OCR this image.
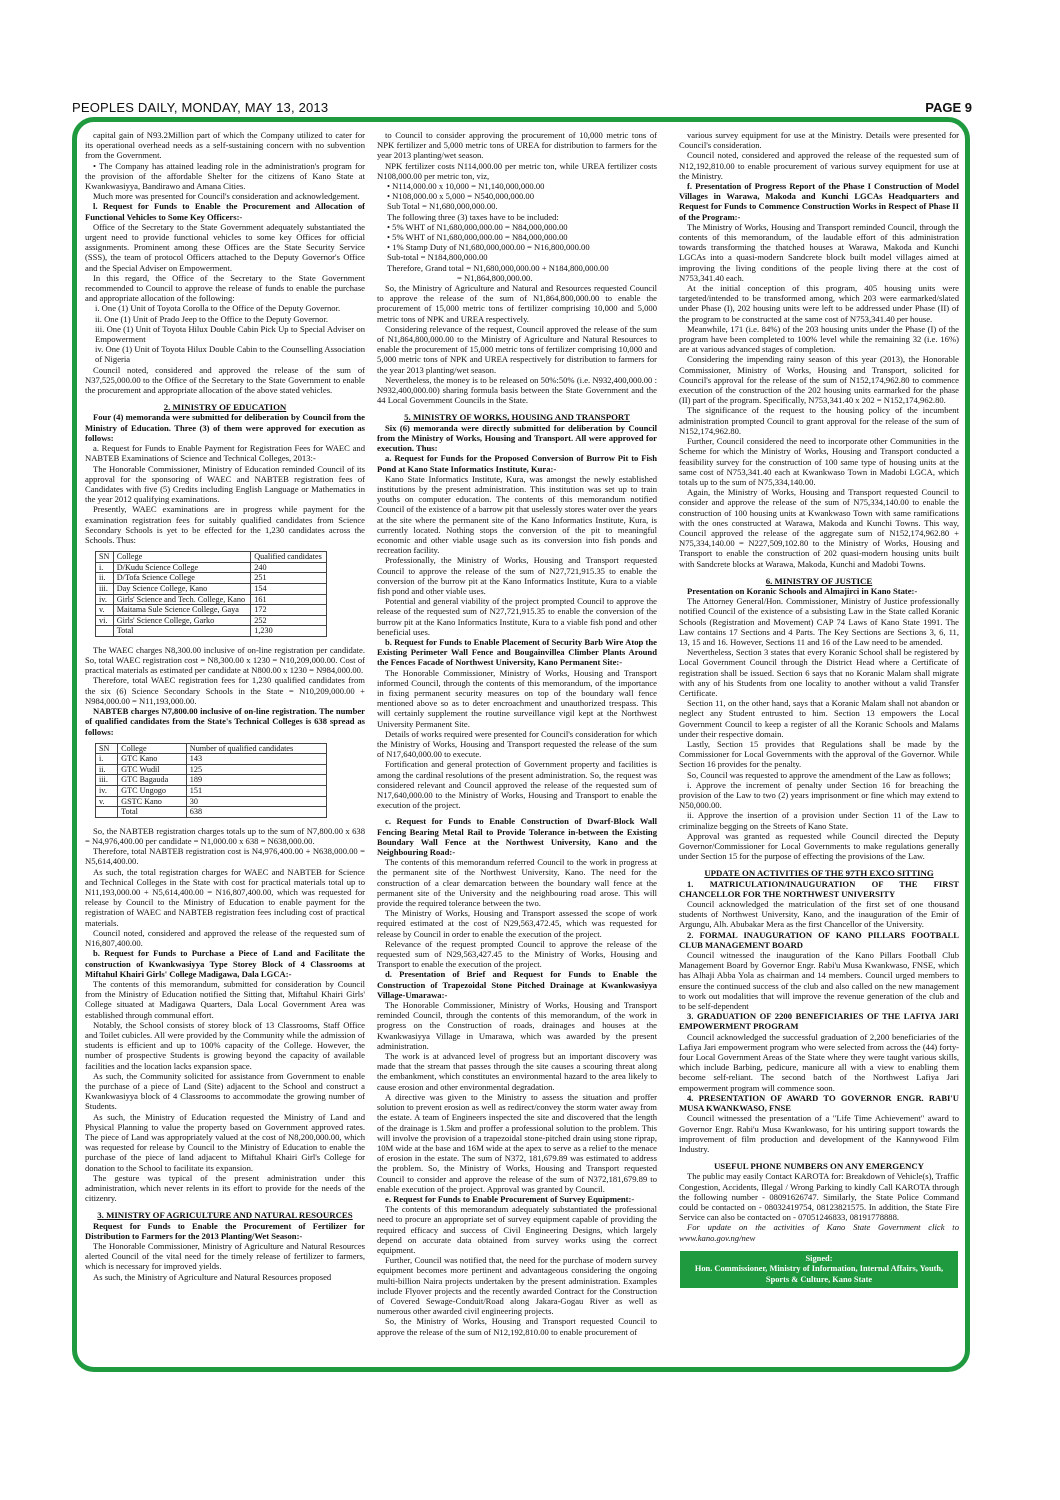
PEOPLES DAILY, MONDAY, MAY 13, 2013	PAGE 9

capital gain of N93.2Million part of which the Company utilized to cater for its operational overhead needs as a self-sustaining concern with no subvention from the Government.

• The Company has attained leading role in the administration's program for the provision of the affordable Shelter for the citizens of Kano State at Kwankwasiyya, Bandirawo and Amana Cities.

Much more was presented for Council's consideration and acknowledgement.

l. Request for Funds to Enable the Procurement and Allocation of Functional Vehicles to Some Key Officers:-

Office of the Secretary to the State Government adequately substantiated the urgent need to provide functional vehicles to some key Offices for official assignments. Prominent among these Offices are the State Security Service (SSS), the team of protocol Officers attached to the Deputy Governor's Office and the Special Adviser on Empowerment.

In this regard, the Office of the Secretary to the State Government recommended to Council to approve the release of funds to enable the purchase and appropriate allocation of the following:

i. One (1) Unit of Toyota Corolla to the Office of the Deputy Governor.

ii. One (1) Unit of Prado Jeep to the Office to the Deputy Governor.

iii. One (1) Unit of Toyota Hilux Double Cabin Pick Up to Special Adviser on Empowerment

iv. One (1) Unit of Toyota Hilux Double Cabin to the Counselling Association of Nigeria

Council noted, considered and approved the release of the sum of N37,525,000.00 to the Office of the Secretary to the State Government to enable the procurement and appropriate allocation of the above stated vehicles.

2. MINISTRY OF EDUCATION

Four (4) memoranda were submitted for deliberation by Council from the Ministry of Education. Three (3) of them were approved for execution as follows:

a. Request for Funds to Enable Payment for Registration Fees for WAEC and NABTEB Examinations of Science and Technical Colleges, 2013:-

The Honorable Commissioner, Ministry of Education reminded Council of its approval for the sponsoring of WAEC and NABTEB registration fees of Candidates with five (5) Credits including English Language or Mathematics in the year 2012 qualifying examinations.

Presently, WAEC examinations are in progress while payment for the examination registration fees for suitably qualified candidates from Science Secondary Schools is yet to be effected for the 1,230 candidates across the Schools. Thus:

SN	College	Qualified candidates
i.	D/Kudu Science College	240
ii.	D/Tofa Science College	251
iii.	Day Science College, Kano	154
iv.	Girls' Science and Tech. College, Kano	161
v.	Maitama Sule Science College, Gaya	172
vi.	Girls' Science College, Garko	252
	Total	1,230

The WAEC charges N8,300.00 inclusive of on-line registration per candidate. So, total WAEC registration cost = N8,300.00 x 1230 = N10,209,000.00. Cost of practical materials as estimated per candidate at N800.00 x 1230 = N984,000.00.

Therefore, total WAEC registration fees for 1,230 qualified candidates from the six (6) Science Secondary Schools in the State = N10,209,000.00 + N984,000.00 = N11,193,000.00.

NABTEB charges N7,800.00 inclusive of on-line registration. The number of qualified candidates from the State's Technical Colleges is 638 spread as follows:

SN	College	Number of qualified candidates
i.	GTC Kano	143
ii.	GTC Wudil	125
iii.	GTC Bagauda	189
iv.	GTC Ungogo	151
v.	GSTC Kano	30
	Total	638

So, the NABTEB registration charges totals up to the sum of N7,800.00 x 638 = N4,976,400.00 per candidate = N1,000.00 x 638 = N638,000.00.

Therefore, total NABTEB registration cost is N4,976,400.00 + N638,000.00 = N5,614,400.00.

As such, the total registration charges for WAEC and NABTEB for Science and Technical Colleges in the State with cost for practical materials total up to N11,193,000.00 + N5,614,400.00 = N16,807,400.00, which was requested for release by Council to the Ministry of Education to enable payment for the registration of WAEC and NABTEB registration fees including cost of practical materials.

Council noted, considered and approved the release of the requested sum of N16,807,400.00.

b. Request for Funds to Purchase a Piece of Land and Facilitate the construction of Kwankwasiyya Type Storey Block of 4 Classrooms at Miftahul Khairi Girls' College Madigawa, Dala LGCA:-

The contents of this memorandum, submitted for consideration by Council from the Ministry of Education notified the Sitting that, Miftahul Khairi Girls' College situated at Madigawa Quarters, Dala Local Government Area was established through communal effort.

Notably, the School consists of storey block of 13 Classrooms, Staff Office and Toilet cubicles. All were provided by the Community while the admission of students is efficient and up to 100% capacity of the College. However, the number of prospective Students is growing beyond the capacity of available facilities and the location lacks expansion space.

As such, the Community solicited for assistance from Government to enable the purchase of a piece of Land (Site) adjacent to the School and construct a Kwankwasiyya block of 4 Classrooms to accommodate the growing number of Students.

As such, the Ministry of Education requested the Ministry of Land and Physical Planning to value the property based on Government approved rates. The piece of Land was appropriately valued at the cost of N8,200,000.00, which was requested for release by Council to the Ministry of Education to enable the purchase of the piece of land adjacent to Miftahul Khairi Girl's College for donation to the School to facilitate its expansion.

The gesture was typical of the present administration under this administration, which never relents in its effort to provide for the needs of the citizenry.

3. MINISTRY OF AGRICULTURE AND NATURAL RESOURCES

Request for Funds to Enable the Procurement of Fertilizer for Distribution to Farmers for the 2013 Planting/Wet Season:-

The Honorable Commissioner, Ministry of Agriculture and Natural Resources alerted Council of the vital need for the timely release of fertilizer to farmers, which is necessary for improved yields.

As such, the Ministry of Agriculture and Natural Resources proposed

to Council to consider approving the procurement of 10,000 metric tons of NPK fertilizer and 5,000 metric tons of UREA for distribution to farmers for the year 2013 planting/wet season.

NPK fertilizer costs N114,000.00 per metric ton, while UREA fertilizer costs N108,000.00 per metric ton, viz,

• N114,000.00 x 10,000 = N1,140,000,000.00

• N108,000.00 x 5,000 = N540,000,000.00

Sub Total = N1,680,000,000.00.

The following three (3) taxes have to be included:

• 5% WHT of N1,680,000,000.00 = N84,000,000.00

• 5% WHT of N1,680,000,000.00 = N84,000,000.00

• 1% Stamp Duty of N1,680,000,000.00 = N16,800,000.00

Sub-total = N184,800,000.00

Therefore, Grand total = N1,680,000,000.00 + N184,800,000.00

= N1,864,800,000.00.

So, the Ministry of Agriculture and Natural and Resources requested Council to approve the release of the sum of N1,864,800,000.00 to enable the procurement of 15,000 metric tons of fertilizer comprising 10,000 and 5,000 metric tons of NPK and UREA respectively.

Considering relevance of the request, Council approved the release of the sum of N1,864,800,000.00 to the Ministry of Agriculture and Natural Resources to enable the procurement of 15,000 metric tons of fertilizer comprising 10,000 and 5,000 metric tons of NPK and UREA respectively for distribution to farmers for the year 2013 planting/wet season.

Nevertheless, the money is to be released on 50%:50% (i.e. N932,400,000.00 : N932,400,000.00) sharing formula basis between the State Government and the 44 Local Government Councils in the State.

5. MINISTRY OF WORKS, HOUSING AND TRANSPORT

Six (6) memoranda were directly submitted for deliberation by Council from the Ministry of Works, Housing and Transport. All were approved for execution. Thus:

a. Request for Funds for the Proposed Conversion of Burrow Pit to Fish Pond at Kano State Informatics Institute, Kura:-

Kano State Informatics Institute, Kura, was amongst the newly established institutions by the present administration. This institution was set up to train youths on computer education. The contents of this memorandum notified Council of the existence of a barrow pit that uselessly stores water over the years at the site where the permanent site of the Kano Informatics Institute, Kura, is currently located. Nothing stops the conversion of the pit to meaningful economic and other viable usage such as its conversion into fish ponds and recreation facility.

Professionally, the Ministry of Works, Housing and Transport requested Council to approve the release of the sum of N27,721,915.35 to enable the conversion of the burrow pit at the Kano Informatics Institute, Kura to a viable fish pond and other viable uses.

Potential and general viability of the project prompted Council to approve the release of the requested sum of N27,721,915.35 to enable the conversion of the burrow pit at the Kano Informatics Institute, Kura to a viable fish pond and other beneficial uses.

b. Request for Funds to Enable Placement of Security Barb Wire Atop the Existing Perimeter Wall Fence and Bougainvillea Climber Plants Around the Fences Facade of Northwest University, Kano Permanent Site:-

The Honorable Commissioner, Ministry of Works, Housing and Transport informed Council, through the contents of this memorandum, of the importance in fixing permanent security measures on top of the boundary wall fence mentioned above so as to deter encroachment and unauthorized trespass. This will certainly supplement the routine surveillance vigil kept at the Northwest University Permanent Site.

Details of works required were presented for Council's consideration for which the Ministry of Works, Housing and Transport requested the release of the sum of N17,640,000.00 to execute.

Fortification and general protection of Government property and facilities is among the cardinal resolutions of the present administration. So, the request was considered relevant and Council approved the release of the requested sum of N17,640,000.00 to the Ministry of Works, Housing and Transport to enable the execution of the project.

c. Request for Funds to Enable Construction of Dwarf-Block Wall Fencing Bearing Metal Rail to Provide Tolerance in-between the Existing Boundary Wall Fence at the Northwest University, Kano and the Neighbouring Road:-

The contents of this memorandum referred Council to the work in progress at the permanent site of the Northwest University, Kano. The need for the construction of a clear demarcation between the boundary wall fence at the permanent site of the University and the neighbouring road arose. This will provide the required tolerance between the two.

The Ministry of Works, Housing and Transport assessed the scope of work required estimated at the cost of N29,563,472.45, which was requested for release by Council in order to enable the execution of the project.

Relevance of the request prompted Council to approve the release of the requested sum of N29,563,427.45 to the Ministry of Works, Housing and Transport to enable the execution of the project.

d. Presentation of Brief and Request for Funds to Enable the Construction of Trapezoidal Stone Pitched Drainage at Kwankwasiyya Village-Umarawa:-

The Honorable Commissioner, Ministry of Works, Housing and Transport reminded Council, through the contents of this memorandum, of the work in progress on the Construction of roads, drainages and houses at the Kwankwasiyya Village in Umarawa, which was awarded by the present administration.

The work is at advanced level of progress but an important discovery was made that the stream that passes through the site causes a scouring threat along the embankment, which constitutes an environmental hazard to the area likely to cause erosion and other environmental degradation.

A directive was given to the Ministry to assess the situation and proffer solution to prevent erosion as well as redirect/convey the storm water away from the estate. A team of Engineers inspected the site and discovered that the length of the drainage is 1.5km and proffer a professional solution to the problem. This will involve the provision of a trapezoidal stone-pitched drain using stone riprap, 10M wide at the base and 16M wide at the apex to serve as a relief to the menace of erosion in the estate. The sum of N372, 181,679.89 was estimated to address the problem. So, the Ministry of Works, Housing and Transport requested Council to consider and approve the release of the sum of N372,181,679.89 to enable execution of the project. Approval was granted by Council.

e. Request for Funds to Enable Procurement of Survey Equipment:-

The contents of this memorandum adequately substantiated the professional need to procure an appropriate set of survey equipment capable of providing the required efficacy and success of Civil Engineering Designs, which largely depend on accurate data obtained from survey works using the correct equipment.

Further, Council was notified that, the need for the purchase of modern survey equipment becomes more pertinent and advantageous considering the ongoing multi-billion Naira projects undertaken by the present administration. Examples include Flyover projects and the recently awarded Contract for the Construction of Covered Sewage-Conduit/Road along Jakara-Gogau River as well as numerous other awarded civil engineering projects.

So, the Ministry of Works, Housing and Transport requested Council to approve the release of the sum of N12,192,810.00 to enable procurement of

various survey equipment for use at the Ministry. Details were presented for Council's consideration.

Council noted, considered and approved the release of the requested sum of N12,192,810.00 to enable procurement of various survey equipment for use at the Ministry.

f. Presentation of Progress Report of the Phase I Construction of Model Villages in Warawa, Makoda and Kunchi LGCAs Headquarters and Request for Funds to Commence Construction Works in Respect of Phase II of the Program:-

The Ministry of Works, Housing and Transport reminded Council, through the contents of this memorandum, of the laudable effort of this administration towards transforming the thatched houses at Warawa, Makoda and Kunchi LGCAs into a quasi-modern Sandcrete block built model villages aimed at improving the living conditions of the people living there at the cost of N753,341.40 each.

At the initial conception of this program, 405 housing units were targeted/intended to be transformed among, which 203 were earmarked/slated under Phase (I), 202 housing units were left to be addressed under Phase (II) of the program to be constructed at the same cost of N753,341.40 per house.

Meanwhile, 171 (i.e. 84%) of the 203 housing units under the Phase (I) of the program have been completed to 100% level while the remaining 32 (i.e. 16%) are at various advanced stages of completion.

Considering the impending rainy season of this year (2013), the Honorable Commissioner, Ministry of Works, Housing and Transport, solicited for Council's approval for the release of the sum of N152,174,962.80 to commence execution of the construction of the 202 housing units earmarked for the phase (II) part of the program. Specifically, N753,341.40 x 202 = N152,174,962.80.

The significance of the request to the housing policy of the incumbent administration prompted Council to grant approval for the release of the sum of N152,174,962.80.

Further, Council considered the need to incorporate other Communities in the Scheme for which the Ministry of Works, Housing and Transport conducted a feasibility survey for the construction of 100 same type of housing units at the same cost of N753,341.40 each at Kwankwaso Town in Madobi LGCA, which totals up to the sum of N75,334,140.00.

Again, the Ministry of Works, Housing and Transport requested Council to consider and approve the release of the sum of N75,334,140.00 to enable the construction of 100 housing units at Kwankwaso Town with same ramifications with the ones constructed at Warawa, Makoda and Kunchi Towns. This way, Council approved the release of the aggregate sum of N152,174,962.80 + N75,334,140.00 = N227,509,102.80 to the Ministry of Works, Housing and Transport to enable the construction of 202 quasi-modern housing units built with Sandcrete blocks at Warawa, Makoda, Kunchi and Madobi Towns.

6. MINISTRY OF JUSTICE

Presentation on Koranic Schools and Almajirci in Kano State:-

The Attorney General/Hon. Commissioner, Ministry of Justice professionally notified Council of the existence of a subsisting Law in the State called Koranic Schools (Registration and Movement) CAP 74 Laws of Kano State 1991. The Law contains 17 Sections and 4 Parts. The Key Sections are Sections 3, 6, 11, 13, 15 and 16. However, Sections 11 and 16 of the Law need to be amended.

Nevertheless, Section 3 states that every Koranic School shall be registered by Local Government Council through the District Head where a Certificate of registration shall be issued. Section 6 says that no Koranic Malam shall migrate with any of his Students from one locality to another without a valid Transfer Certificate.

Section 11, on the other hand, says that a Koranic Malam shall not abandon or neglect any Student entrusted to him. Section 13 empowers the Local Government Council to keep a register of all the Koranic Schools and Malams under their respective domain.

Lastly, Section 15 provides that Regulations shall be made by the Commissioner for Local Governments with the approval of the Governor. While Section 16 provides for the penalty.

So, Council was requested to approve the amendment of the Law as follows;

i. Approve the increment of penalty under Section 16 for breaching the provision of the Law to two (2) years imprisonment or fine which may extend to N50,000.00.

ii. Approve the insertion of a provision under Section 11 of the Law to criminalize begging on the Streets of Kano State.

Approval was granted as requested while Council directed the Deputy Governor/Commissioner for Local Governments to make regulations generally under Section 15 for the purpose of effecting the provisions of the Law.

UPDATE ON ACTIVITIES OF THE 97TH EXCO SITTING

1. MATRICULATION/INAUGURATION OF THE FIRST CHANCELLOR FOR THE NORTHWEST UNIVERSITY

Council acknowledged the matriculation of the first set of one thousand students of Northwest University, Kano, and the inauguration of the Emir of Argungu, Alh. Abubakar Mera as the first Chancellor of the University.

2. FORMAL INAUGURATION OF KANO PILLARS FOOTBALL CLUB MANAGEMENT BOARD

Council witnessed the inauguration of the Kano Pillars Football Club Management Board by Governor Engr. Rabi'u Musa Kwankwaso, FNSE, which has Alhaji Abba Yola as chairman and 14 members. Council urged members to ensure the continued success of the club and also called on the new management to work out modalities that will improve the revenue generation of the club and to be self-dependent

3. GRADUATION OF 2200 BENEFICIARIES OF THE LAFIYA JARI EMPOWERMENT PROGRAM

Council acknowledged the successful graduation of 2,200 beneficiaries of the Lafiya Jari empowerment program who were selected from across the (44) forty-four Local Government Areas of the State where they were taught various skills, which include Barbing, pedicure, manicure all with a view to enabling them become self-reliant. The second batch of the Northwest Lafiya Jari empowerment program will commence soon.

4. PRESENTATION OF AWARD TO GOVERNOR ENGR. RABI'U MUSA KWANKWASO, FNSE

Council witnessed the presentation of a "Life Time Achievement" award to Governor Engr. Rabi'u Musa Kwankwaso, for his untiring support towards the improvement of film production and development of the Kannywood Film Industry.

USEFUL PHONE NUMBERS ON ANY EMERGENCY

The public may easily Contact KAROTA for: Breakdown of Vehicle(s), Traffic Congestion, Accidents, Illegal / Wrong Parking to kindly Call KAROTA through the following number - 08091626747. Similarly, the State Police Command could be contacted on - 08032419754, 08123821575. In addition, the State Fire Service can also be contacted on - 07051246833, 08191778888.

For update on the activities of Kano State Government click to www.kano.gov.ng/new

Signed:
Hon. Commissioner, Ministry of Information, Internal Affairs, Youth, Sports & Culture, Kano State
